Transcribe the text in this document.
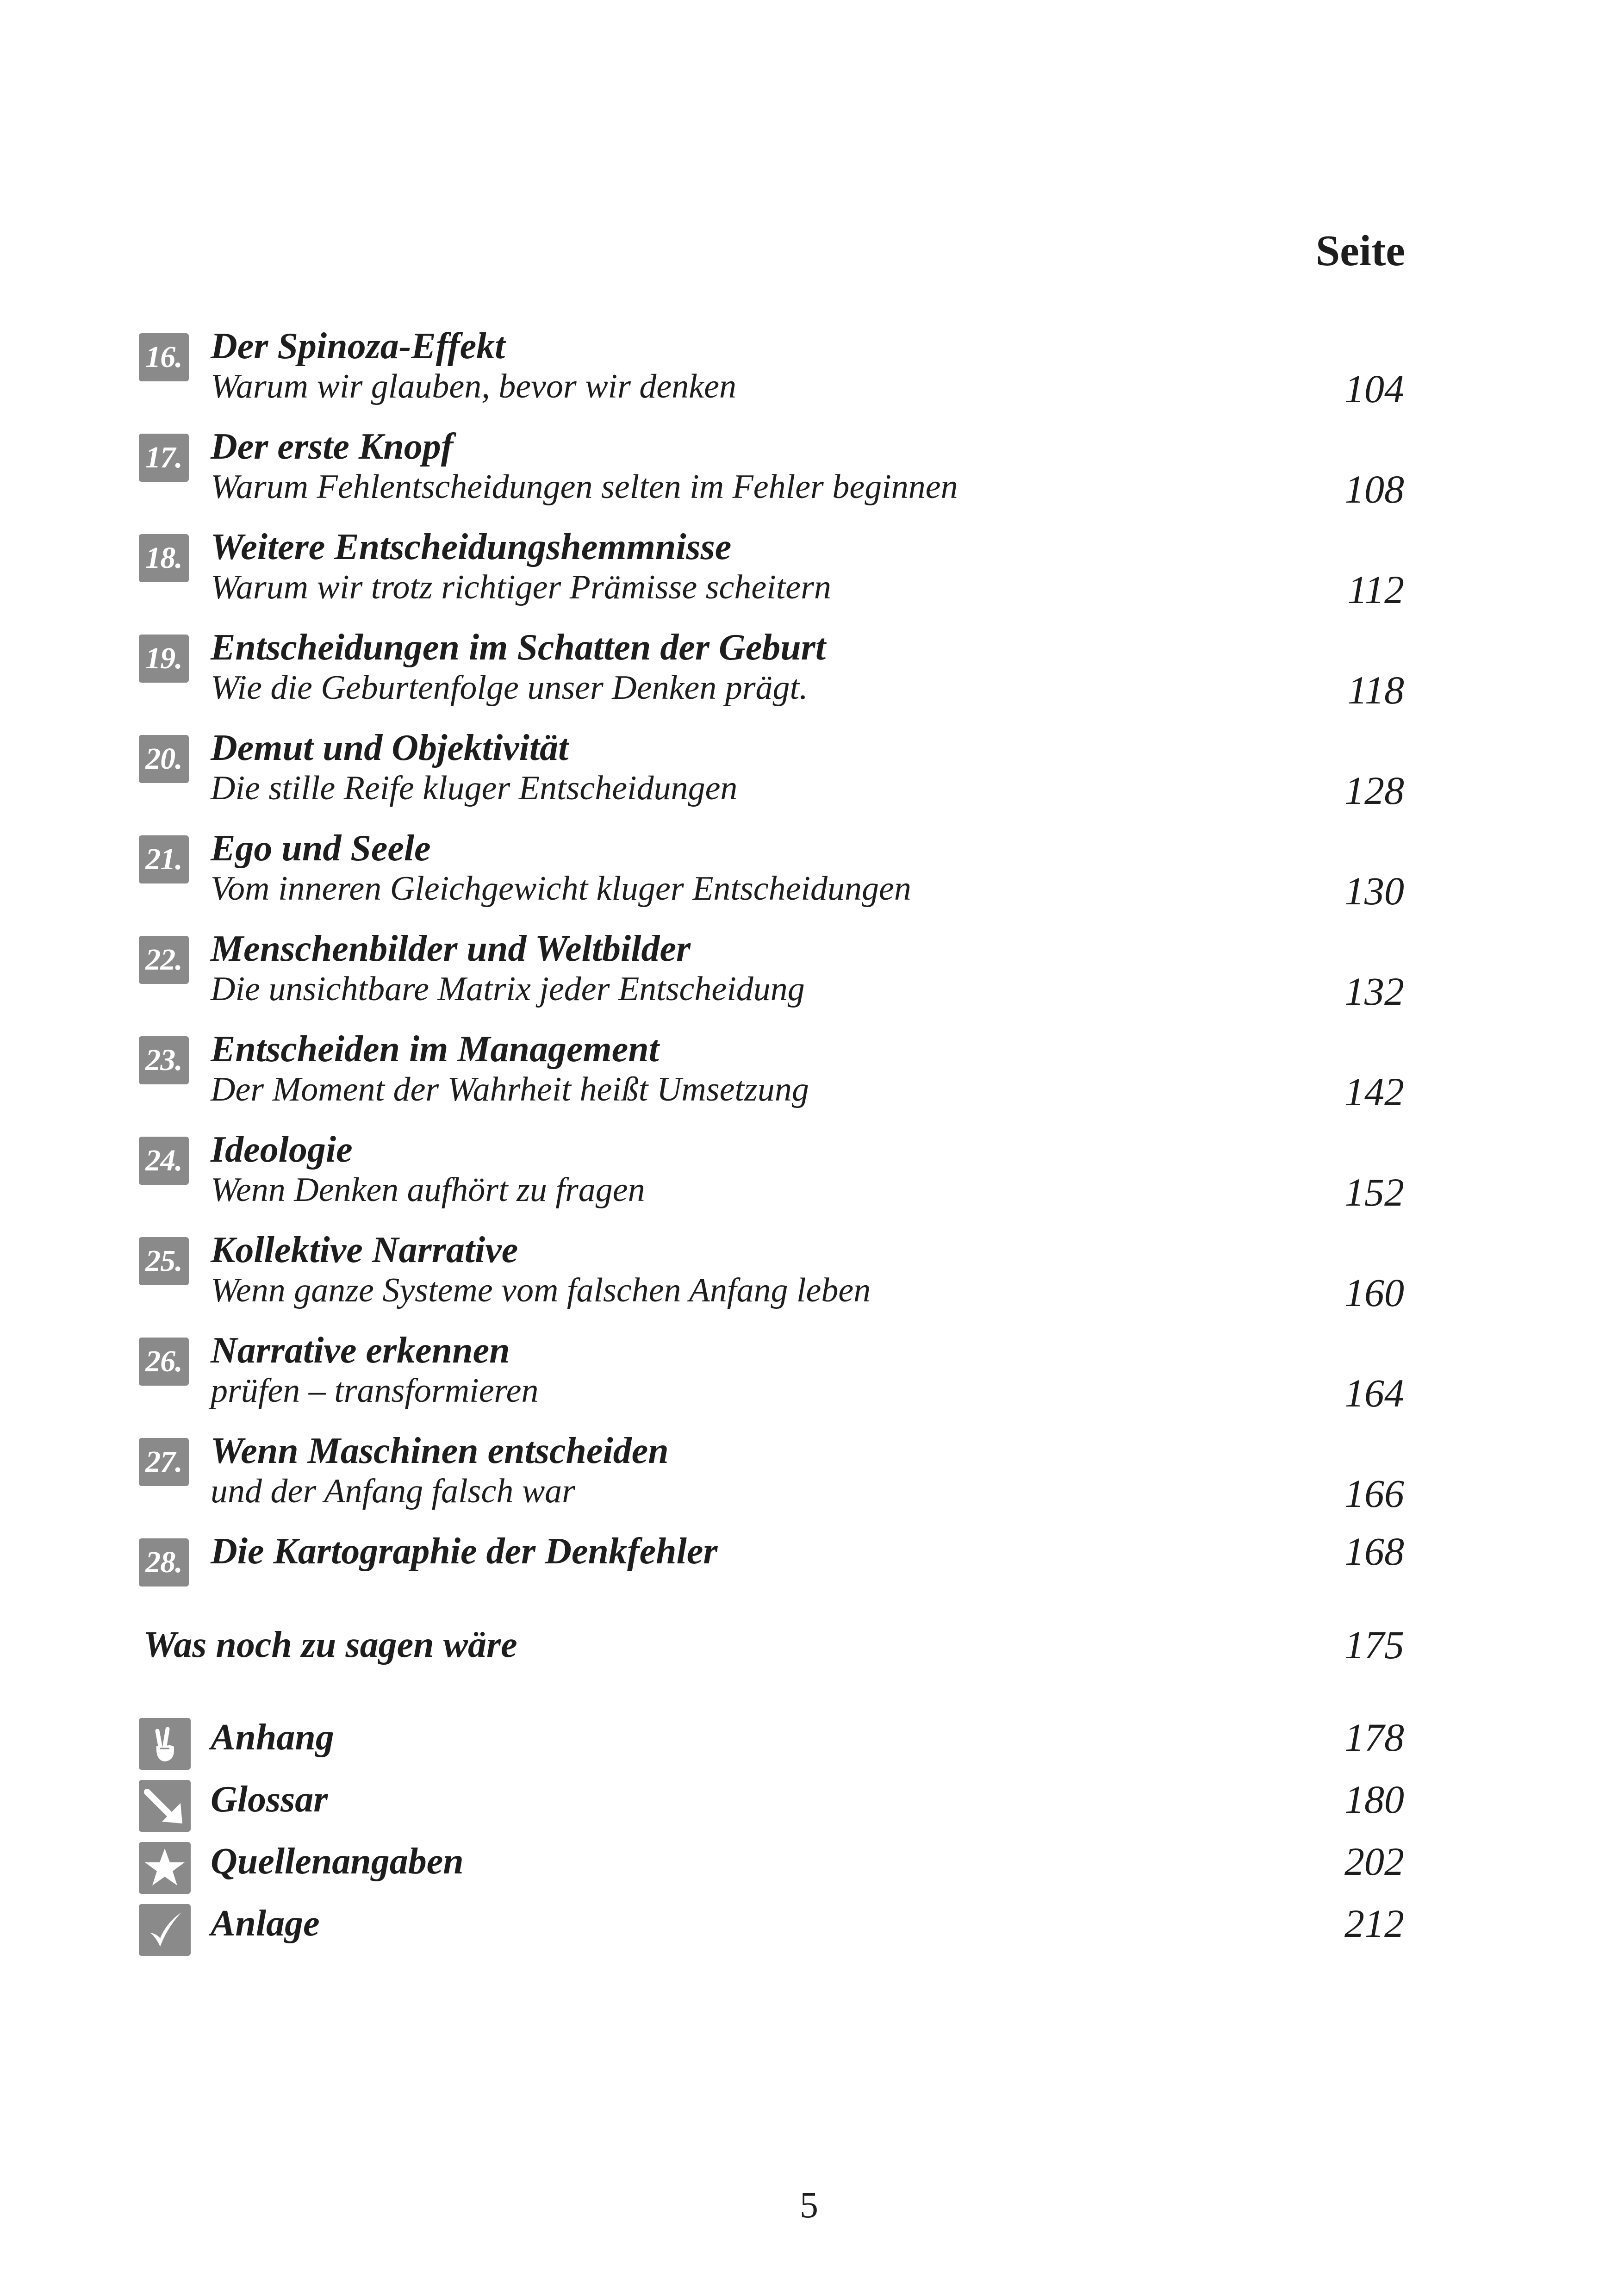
Seite
16. Der Spinoza-Effekt
Warum wir glauben, bevor wir denken	104
17. Der erste Knopf
Warum Fehlentscheidungen selten im Fehler beginnen	108
18. Weitere Entscheidungshemmnisse
Warum wir trotz richtiger Prämisse scheitern	112
19. Entscheidungen im Schatten der Geburt
Wie die Geburtenfolge unser Denken prägt.	118
20. Demut und Objektivität
Die stille Reife kluger Entscheidungen	128
21. Ego und Seele
Vom inneren Gleichgewicht kluger Entscheidungen	130
22. Menschenbilder und Weltbilder
Die unsichtbare Matrix jeder Entscheidung	132
23. Entscheiden im Management
Der Moment der Wahrheit heißt Umsetzung	142
24. Ideologie
Wenn Denken aufhört zu fragen	152
25. Kollektive Narrative
Wenn ganze Systeme vom falschen Anfang leben	160
26. Narrative erkennen
prüfen – transformieren	164
27. Wenn Maschinen entscheiden
und der Anfang falsch war	166
28. Die Kartographie der Denkfehler	168
Was noch zu sagen wäre	175
Anhang	178
Glossar	180
Quellenangaben	202
Anlage	212
5
